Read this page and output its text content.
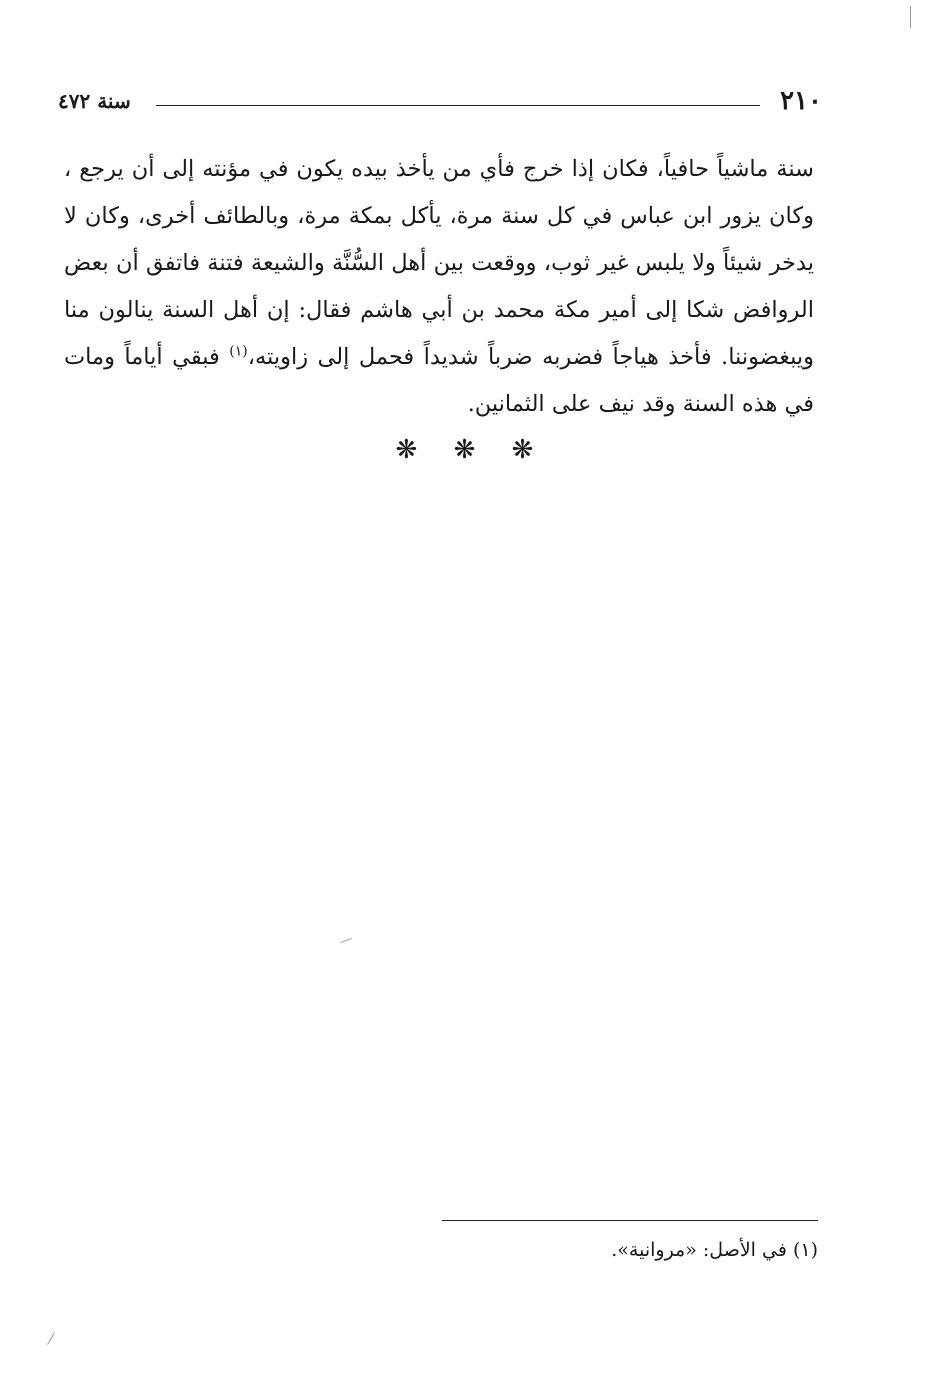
٢١٠
سنة ٤٧٢

سنة ماشياً حافياً، فكان إذا خرج فأي من يأخذ بيده يكون في مؤنته إلى أن يرجع ، وكان يزور ابن عباس في كل سنة مرة، يأكل بمكة مرة، وبالطائف أخرى، وكان لا يدخر شيئاً ولا يلبس غير ثوب، ووقعت بين أهل السُّنَّة والشيعة فتنة فاتفق أن بعض الروافض شكا إلى أمير مكة محمد بن أبي هاشم فقال: إن أهل السنة ينالون منا ويبغضوننا. فأخذ هياجاً فضربه ضرباً شديداً فحمل إلى زاويته،$^{(١)}$ فبقي أياماً ومات في هذه السنة وقد نيف على الثمانين.

❋ ❋ ❋
(١) في الأصل: «مروانية».
